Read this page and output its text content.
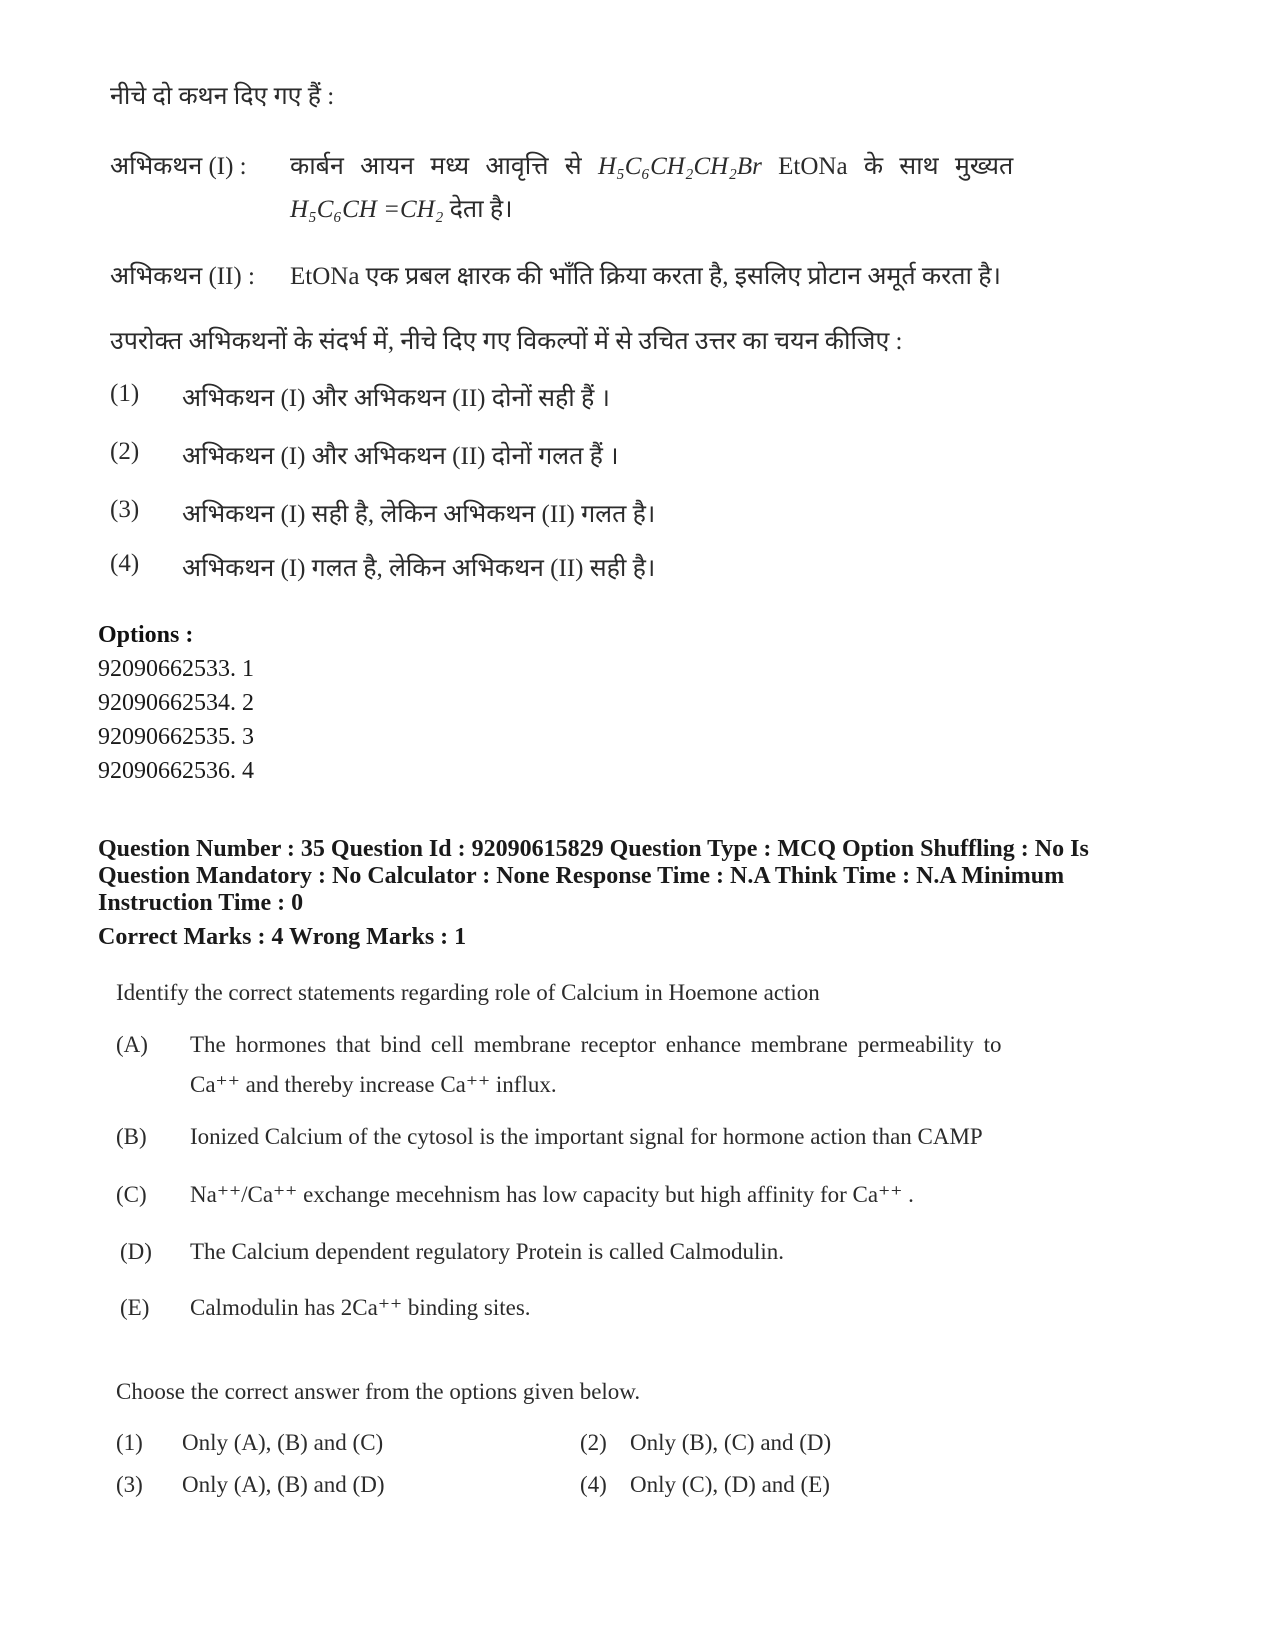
नीचे दो कथन दिए गए हैं :
अभिकथन (I) : कार्बन आयन मध्य आवृत्ति से H₅C₆CH₂CH₂Br EtONa के साथ मुख्यत
H₅C₆CH =CH₂ देता है।
अभिकथन (II) : EtONa एक प्रबल क्षारक की भाँति क्रिया करता है, इसलिए प्रोटान अमूर्त करता है।
उपरोक्त अभिकथनों के संदर्भ में, नीचे दिए गए विकल्पों में से उचित उत्तर का चयन कीजिए :
(1) अभिकथन (I) और अभिकथन (II) दोनों सही हैं ।
(2) अभिकथन (I) और अभिकथन (II) दोनों गलत हैं ।
(3) अभिकथन (I) सही है, लेकिन अभिकथन (II) गलत है।
(4) अभिकथन (I) गलत है, लेकिन अभिकथन (II) सही है।
Options :
92090662533. 1
92090662534. 2
92090662535. 3
92090662536. 4
Question Number : 35 Question Id : 92090615829 Question Type : MCQ Option Shuffling : No Is Question Mandatory : No Calculator : None Response Time : N.A Think Time : N.A Minimum Instruction Time : 0
Correct Marks : 4 Wrong Marks : 1
Identify the correct statements regarding role of Calcium in Hoemone action
(A) The hormones that bind cell membrane receptor enhance membrane permeability to
Ca⁺⁺ and thereby increase Ca⁺⁺ influx.
(B) Ionized Calcium of the cytosol is the important signal for hormone action than CAMP
(C) Na⁺⁺/Ca⁺⁺ exchange mecehnism has low capacity but high affinity for Ca⁺⁺ .
(D) The Calcium dependent regulatory Protein is called Calmodulin.
(E) Calmodulin has 2Ca⁺⁺ binding sites.
Choose the correct answer from the options given below.
(1) Only (A), (B) and (C)	(2) Only (B), (C) and (D)
(3) Only (A), (B) and (D)	(4) Only (C), (D) and (E)
